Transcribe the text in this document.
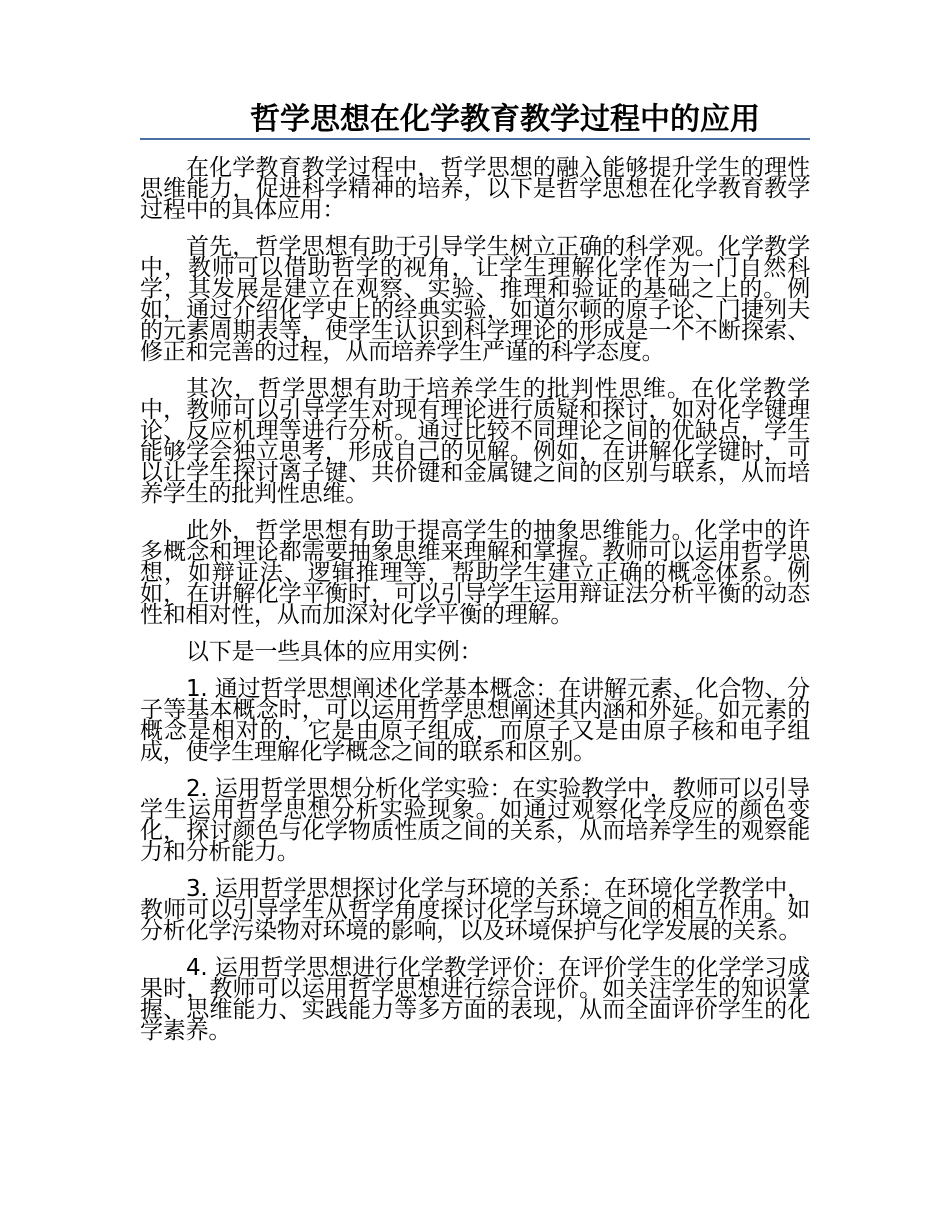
哲学思想在化学教育教学过程中的应用

在化学教育教学过程中，哲学思想的融入能够提升学生的理性思维能力，促进科学精神的培养，以下是哲学思想在化学教育教学过程中的具体应用：

首先，哲学思想有助于引导学生树立正确的科学观。化学教学中，教师可以借助哲学的视角，让学生理解化学作为一门自然科学，其发展是建立在观察、实验、推理和验证的基础之上的。例如，通过介绍化学史上的经典实验，如道尔顿的原子论、门捷列夫的元素周期表等，使学生认识到科学理论的形成是一个不断探索、修正和完善的过程，从而培养学生严谨的科学态度。

其次，哲学思想有助于培养学生的批判性思维。在化学教学中，教师可以引导学生对现有理论进行质疑和探讨，如对化学键理论、反应机理等进行分析。通过比较不同理论之间的优缺点，学生能够学会独立思考，形成自己的见解。例如，在讲解化学键时，可以让学生探讨离子键、共价键和金属键之间的区别与联系，从而培养学生的批判性思维。

此外，哲学思想有助于提高学生的抽象思维能力。化学中的许多概念和理论都需要抽象思维来理解和掌握。教师可以运用哲学思想，如辩证法、逻辑推理等，帮助学生建立正确的概念体系。例如，在讲解化学平衡时，可以引导学生运用辩证法分析平衡的动态性和相对性，从而加深对化学平衡的理解。

以下是一些具体的应用实例：

1. 通过哲学思想阐述化学基本概念：在讲解元素、化合物、分子等基本概念时，可以运用哲学思想阐述其内涵和外延。如元素的概念是相对的，它是由原子组成，而原子又是由原子核和电子组成，使学生理解化学概念之间的联系和区别。

2. 运用哲学思想分析化学实验：在实验教学中，教师可以引导学生运用哲学思想分析实验现象。如通过观察化学反应的颜色变化，探讨颜色与化学物质性质之间的关系，从而培养学生的观察能力和分析能力。

3. 运用哲学思想探讨化学与环境的关系：在环境化学教学中，教师可以引导学生从哲学角度探讨化学与环境之间的相互作用。如分析化学污染物对环境的影响，以及环境保护与化学发展的关系。

4. 运用哲学思想进行化学教学评价：在评价学生的化学学习成果时，教师可以运用哲学思想进行综合评价。如关注学生的知识掌握、思维能力、实践能力等多方面的表现，从而全面评价学生的化学素养。
